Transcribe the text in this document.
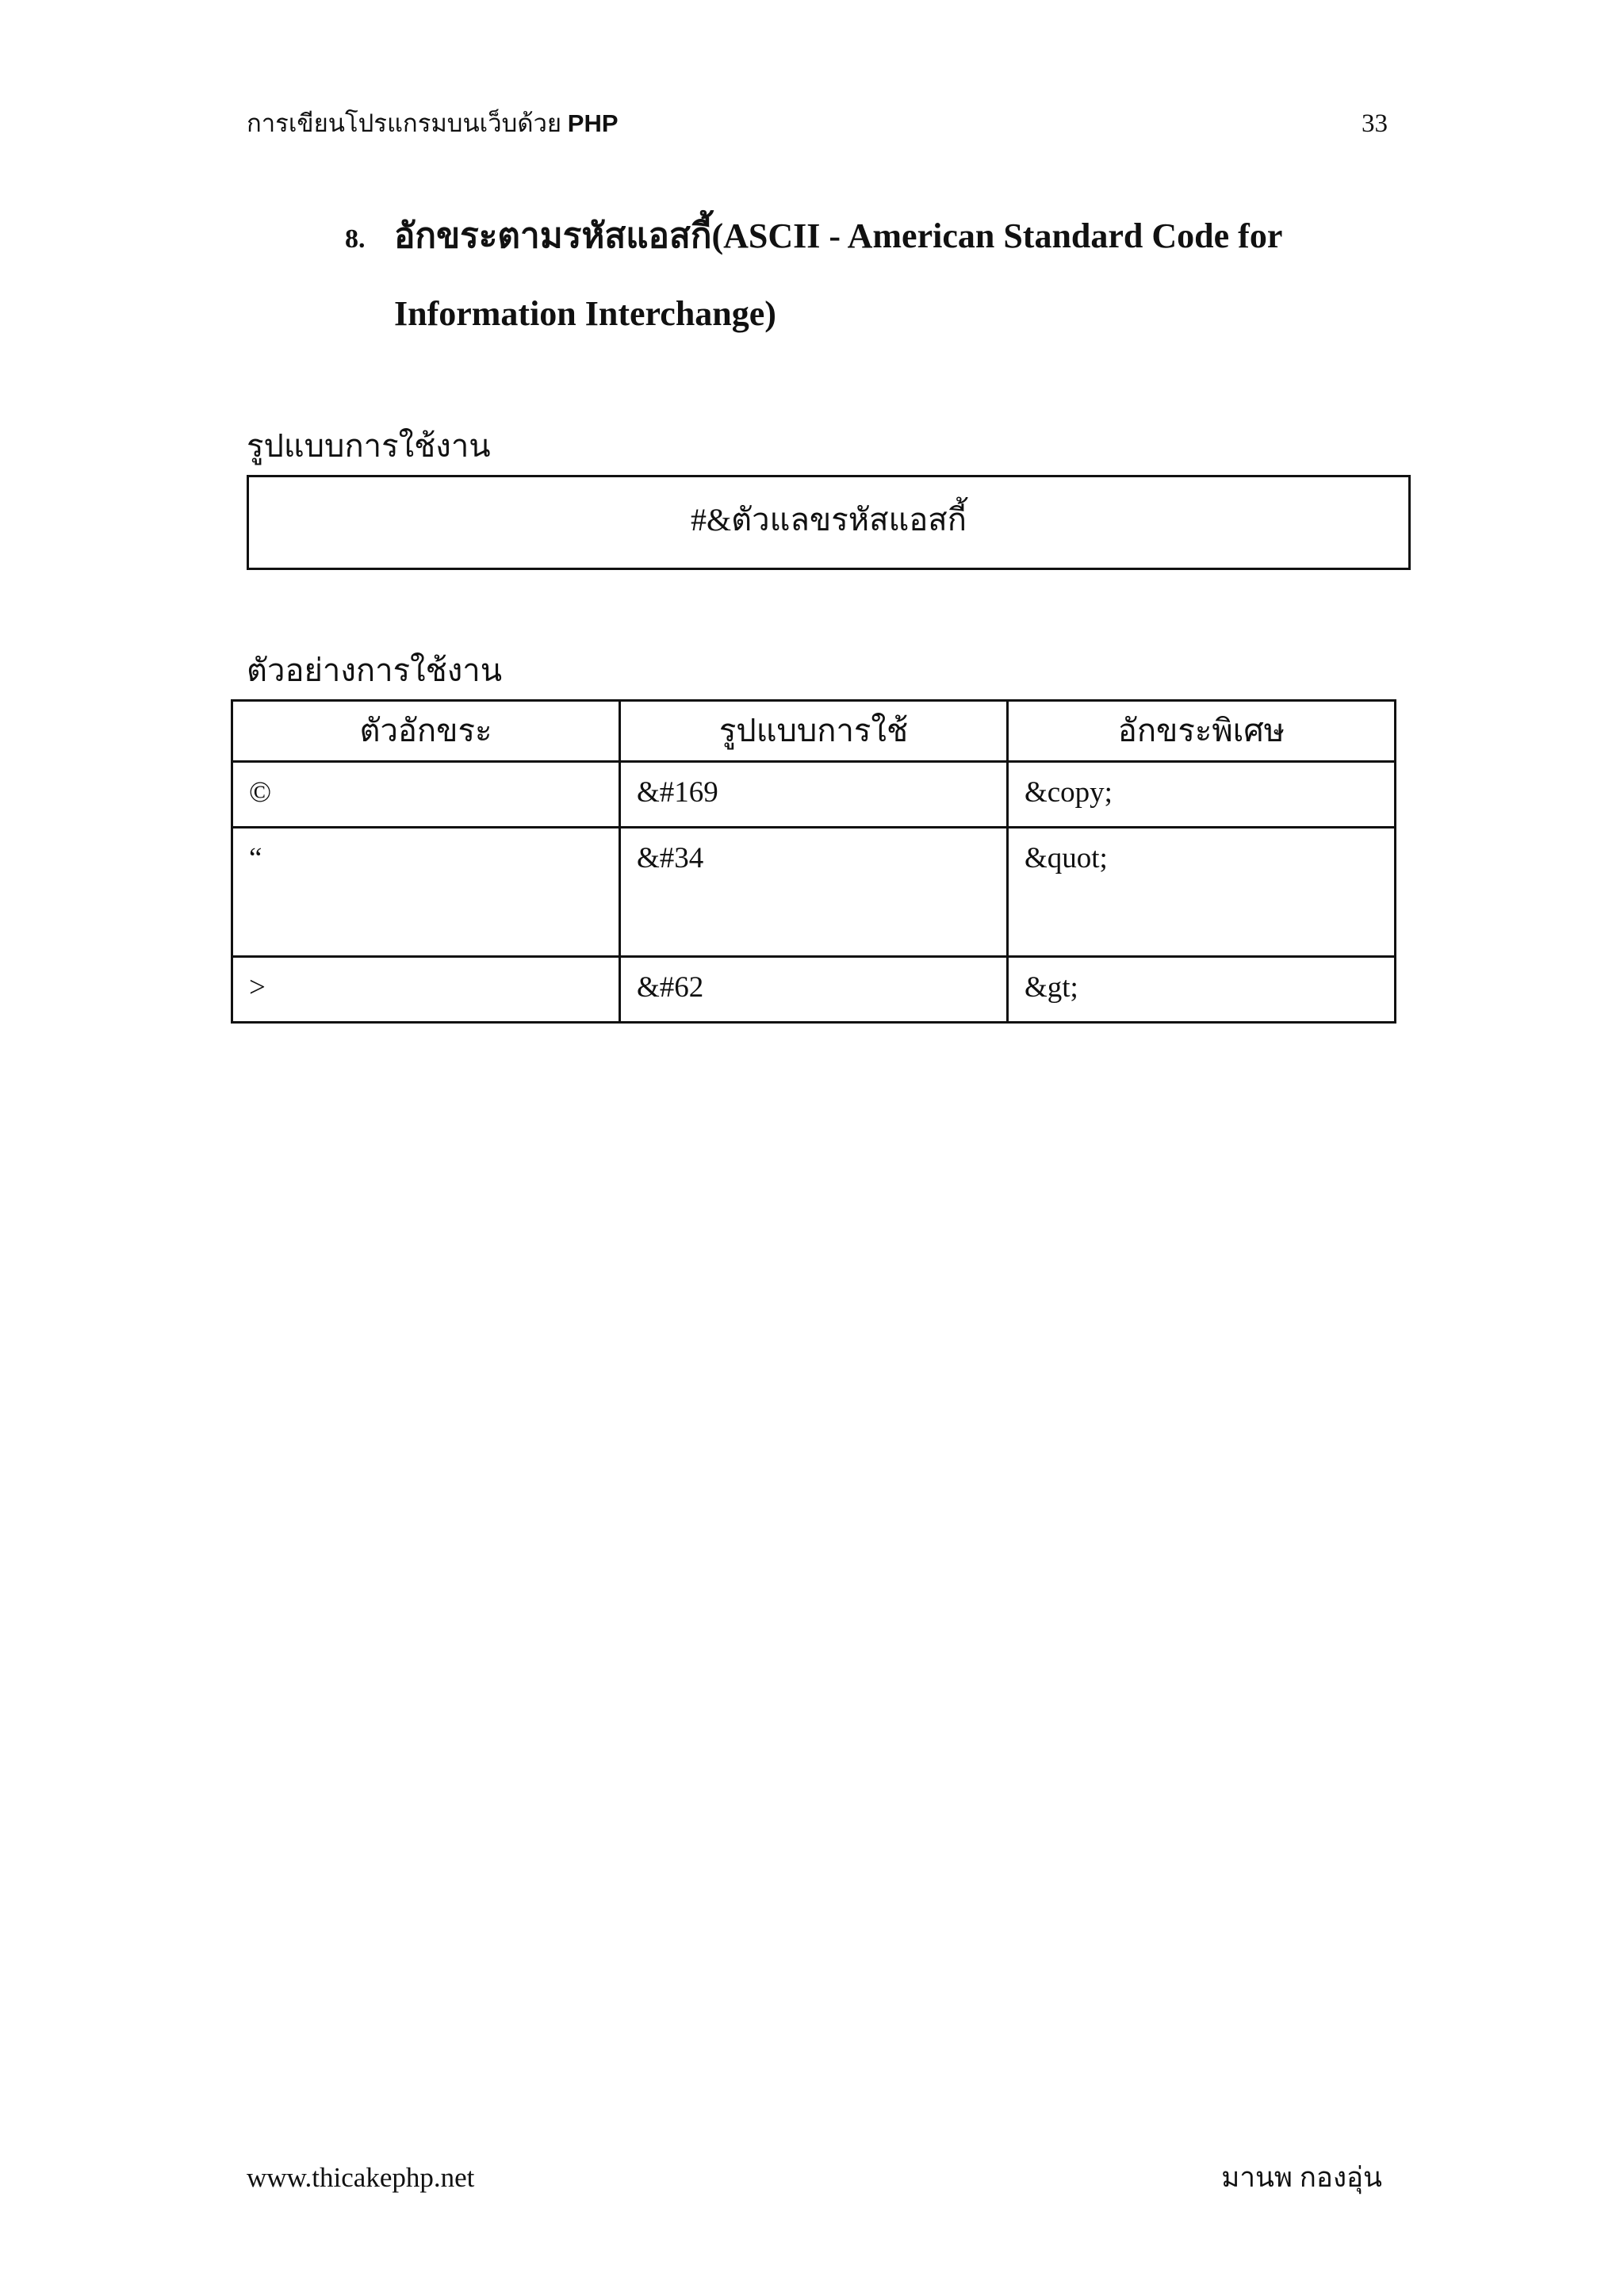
การเขียนโปรแกรมบนเว็บด้วย PHP	33
8. อักขระตามรหัสแอสกี้(ASCII - American Standard Code for
Information Interchange)
รูปแบบการใช้งาน
#&ตัวแลขรหัสแอสกี้
ตัวอย่างการใช้งาน
ตัวอักขระ	รูปแบบการใช้	อักขระพิเศษ
©	&#169	&copy;
“	&#34	&quot;
>	&#62	&gt;
www.thicakephp.net	มานพ กองอุ่น
